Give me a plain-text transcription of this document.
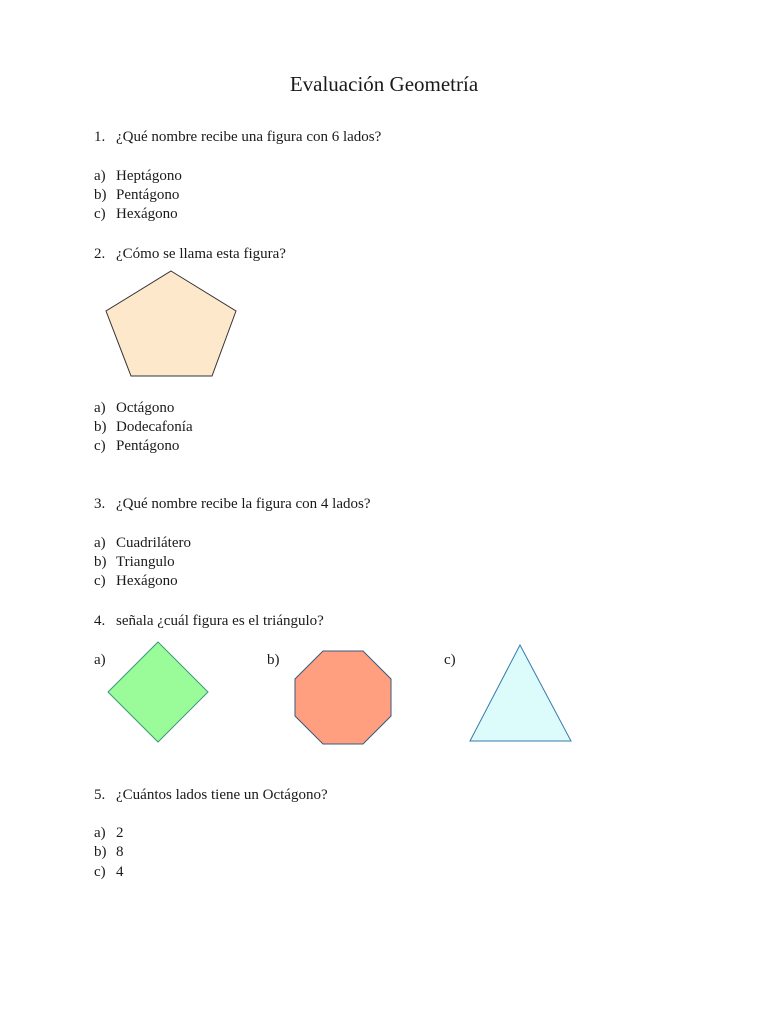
Evaluación Geometría
1. ¿Qué nombre recibe una figura con 6 lados?
a) Heptágono
b) Pentágono
c) Hexágono
2. ¿Cómo se llama esta figura?
a) Octágono
b) Dodecafonía
c) Pentágono
3. ¿Qué nombre recibe la figura con 4 lados?
a) Cuadrilátero
b) Triangulo
c) Hexágono
4. señala ¿cuál figura es el triángulo?
a)	b)	c)
5. ¿Cuántos lados tiene un Octágono?
a) 2
b) 8
c) 4
